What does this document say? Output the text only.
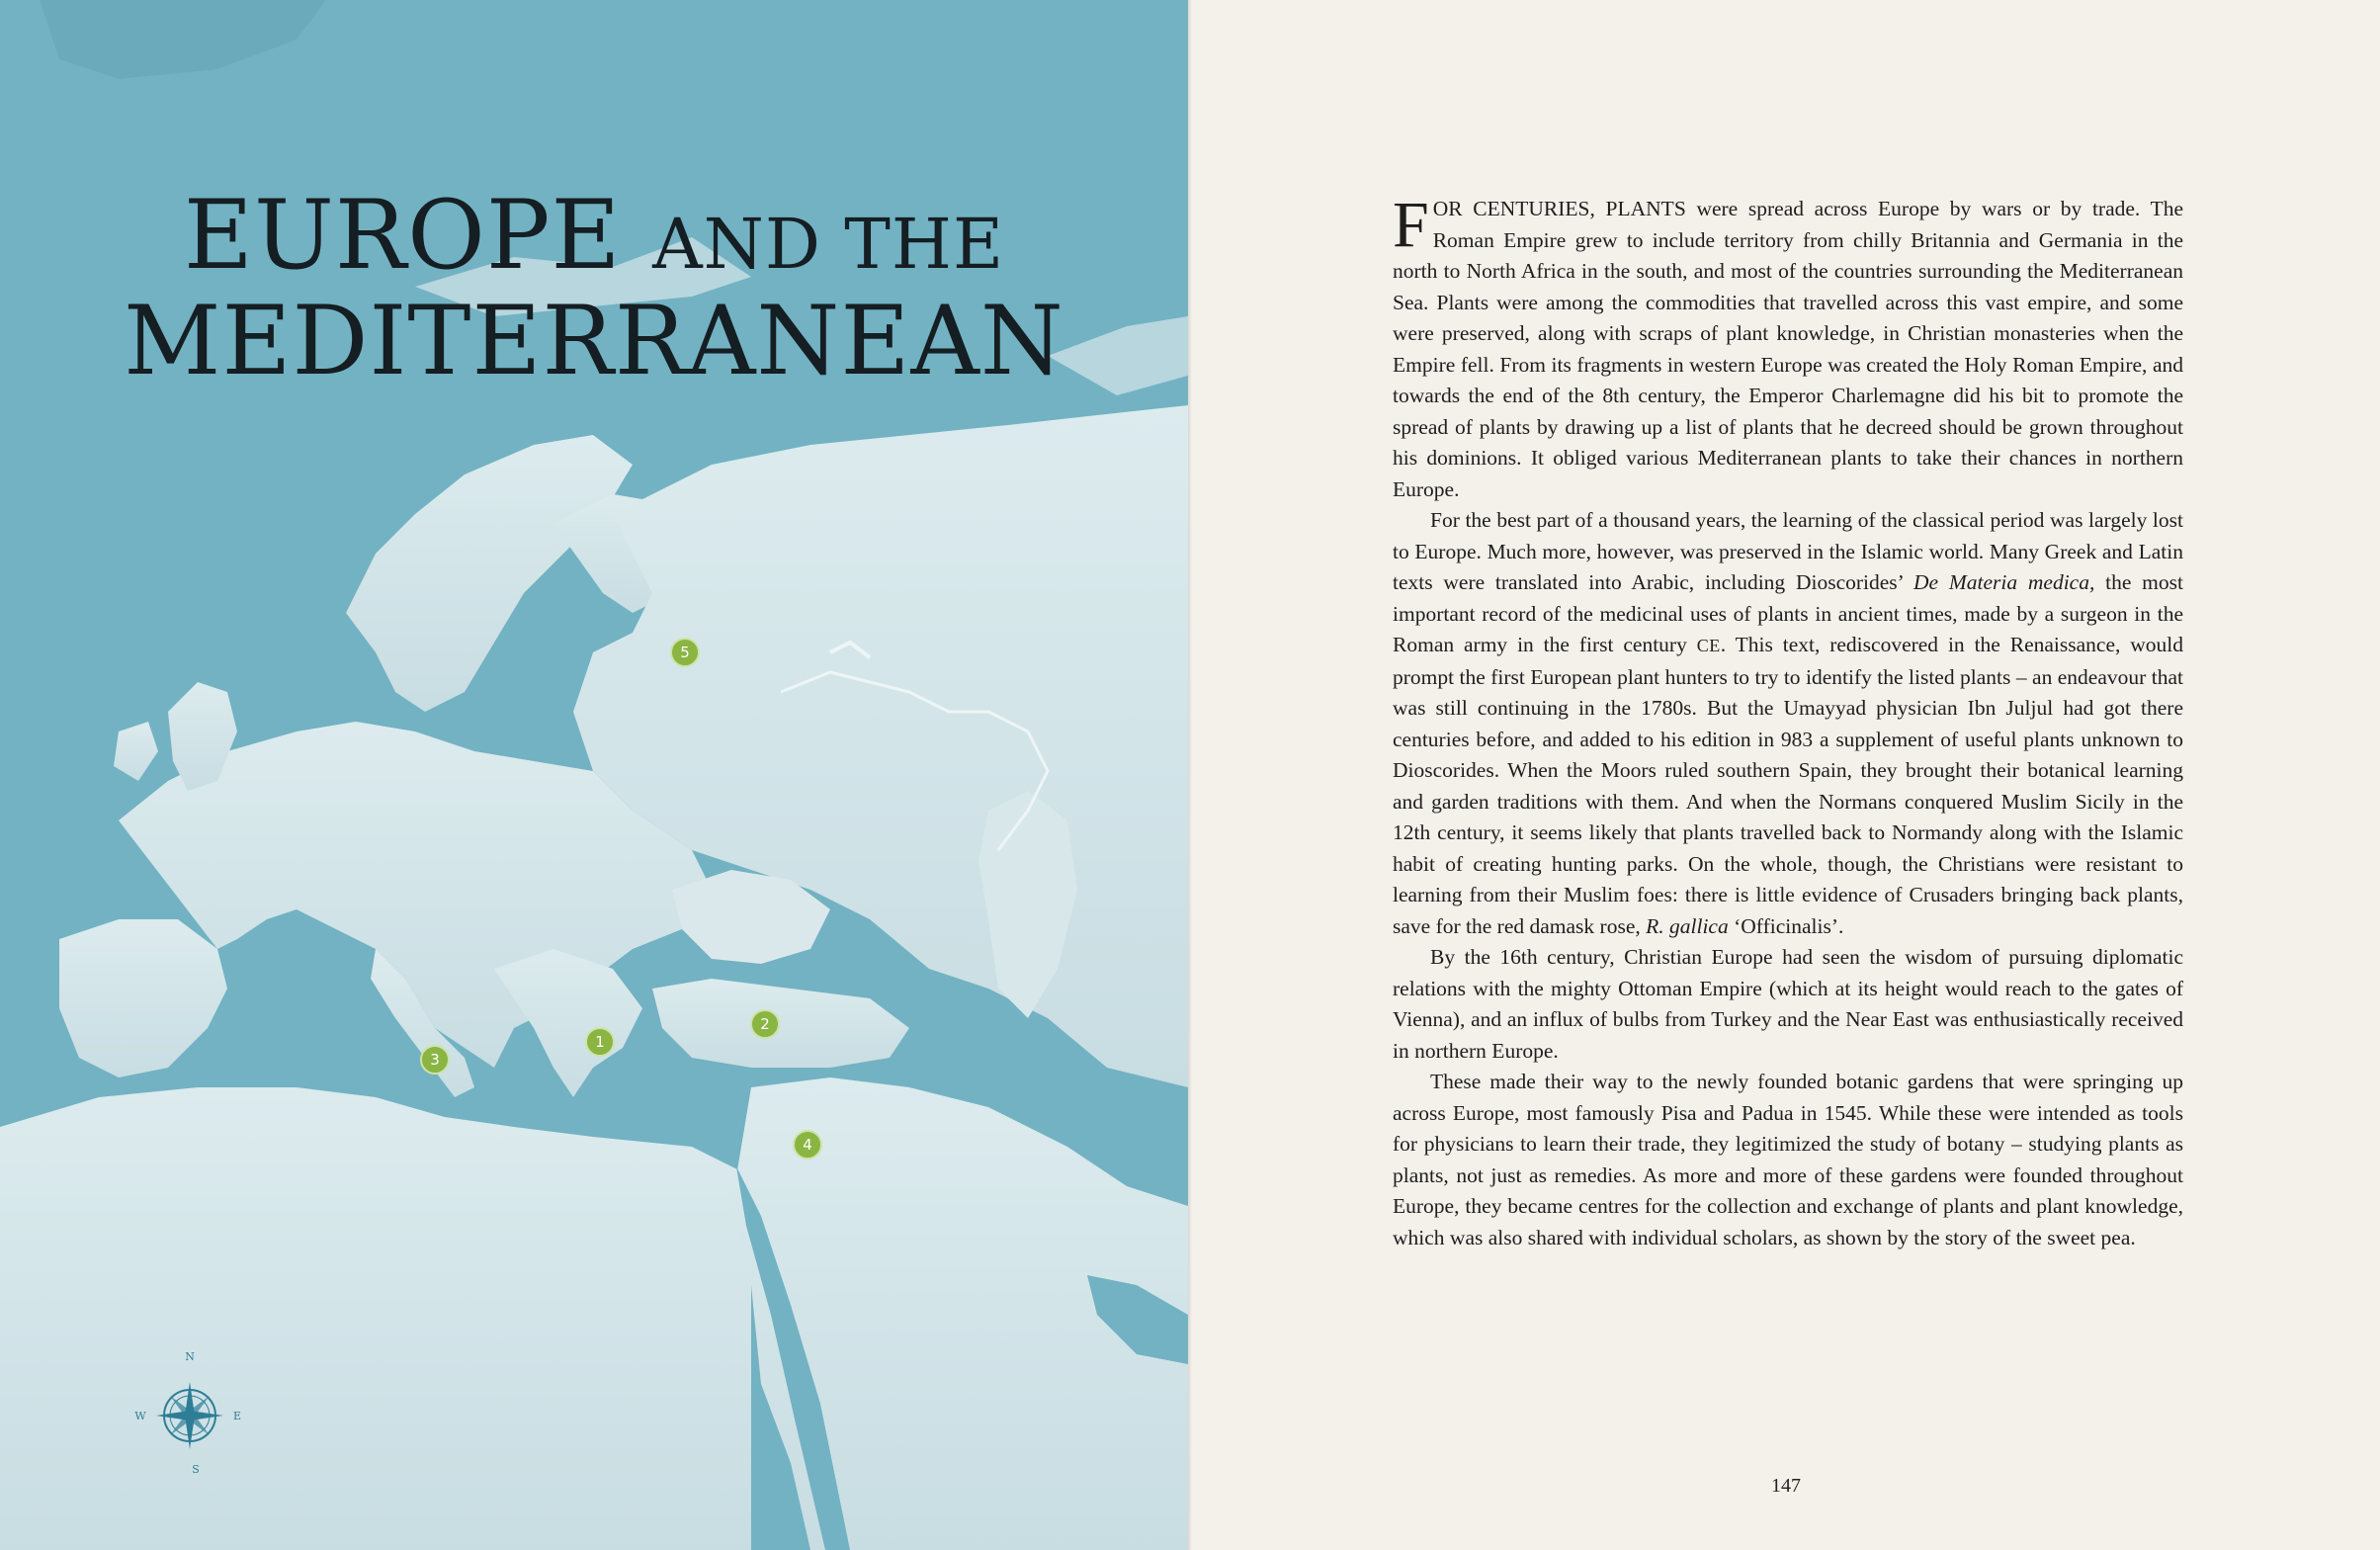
EUROPE AND THE
MEDITERRANEAN
1
2
3
4
5
N
E
S
W

FOR CENTURIES, PLANTS were spread across Europe by wars or by trade. The Roman Empire grew to include territory from chilly Britannia and Germania in the north to North Africa in the south, and most of the countries surrounding the Mediterranean Sea. Plants were among the commodities that travelled across this vast empire, and some were preserved, along with scraps of plant knowledge, in Christian monasteries when the Empire fell. From its fragments in western Europe was created the Holy Roman Empire, and towards the end of the 8th century, the Emperor Charlemagne did his bit to promote the spread of plants by drawing up a list of plants that he decreed should be grown throughout his dominions. It obliged various Mediterranean plants to take their chances in northern Europe.

For the best part of a thousand years, the learning of the classical period was largely lost to Europe. Much more, however, was preserved in the Islamic world. Many Greek and Latin texts were translated into Arabic, including Dioscorides’ De Materia medica, the most important record of the medicinal uses of plants in ancient times, made by a surgeon in the Roman army in the first century CE. This text, rediscovered in the Renaissance, would prompt the first European plant hunters to try to identify the listed plants – an endeavour that was still continuing in the 1780s. But the Umayyad physician Ibn Juljul had got there centuries before, and added to his edition in 983 a supplement of useful plants unknown to Dioscorides. When the Moors ruled southern Spain, they brought their botanical learning and garden traditions with them. And when the Normans conquered Muslim Sicily in the 12th century, it seems likely that plants travelled back to Normandy along with the Islamic habit of creating hunting parks. On the whole, though, the Christians were resistant to learning from their Muslim foes: there is little evidence of Crusaders bringing back plants, save for the red damask rose, R. gallica ‘Officinalis’.

By the 16th century, Christian Europe had seen the wisdom of pursuing diplomatic relations with the mighty Ottoman Empire (which at its height would reach to the gates of Vienna), and an influx of bulbs from Turkey and the Near East was enthusiastically received in northern Europe.

These made their way to the newly founded botanic gardens that were springing up across Europe, most famously Pisa and Padua in 1545. While these were intended as tools for physicians to learn their trade, they legitimized the study of botany – studying plants as plants, not just as remedies. As more and more of these gardens were founded throughout Europe, they became centres for the collection and exchange of plants and plant knowledge, which was also shared with individual scholars, as shown by the story of the sweet pea.

147
